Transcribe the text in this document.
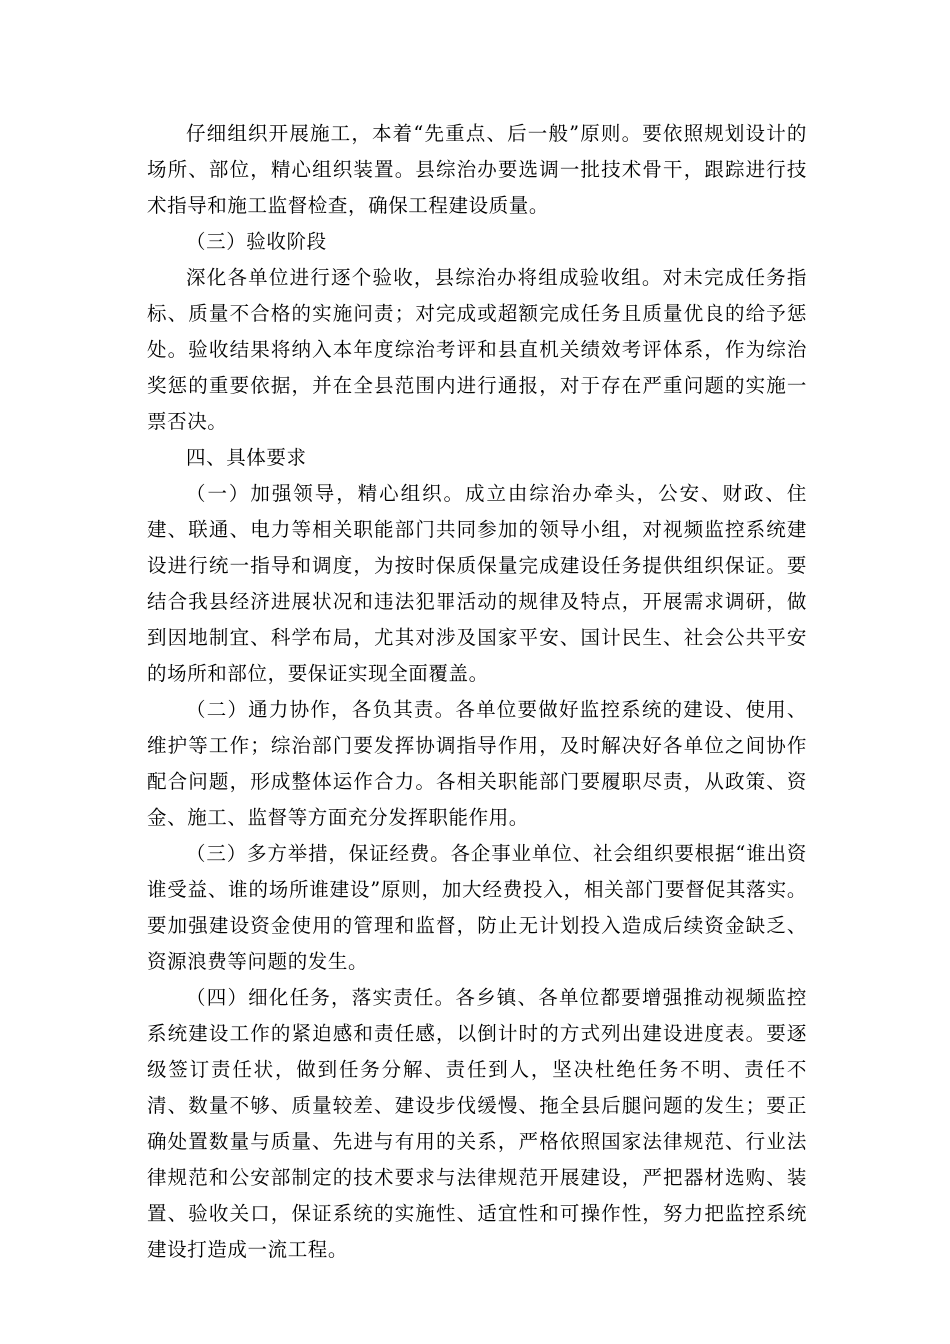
仔细组织开展施工，本着“先重点、后一般”原则。要依照规划设计的场所、部位，精心组织装置。县综治办要选调一批技术骨干，跟踪进行技术指导和施工监督检查，确保工程建设质量。

（三）验收阶段

深化各单位进行逐个验收，县综治办将组成验收组。对未完成任务指标、质量不合格的实施问责；对完成或超额完成任务且质量优良的给予惩处。验收结果将纳入本年度综治考评和县直机关绩效考评体系，作为综治奖惩的重要依据，并在全县范围内进行通报，对于存在严重问题的实施一票否决。

四、具体要求

（一）加强领导，精心组织。成立由综治办牵头，公安、财政、住建、联通、电力等相关职能部门共同参加的领导小组，对视频监控系统建设进行统一指导和调度，为按时保质保量完成建设任务提供组织保证。要结合我县经济进展状况和违法犯罪活动的规律及特点，开展需求调研，做到因地制宜、科学布局，尤其对涉及国家平安、国计民生、社会公共平安的场所和部位，要保证实现全面覆盖。

（二）通力协作，各负其责。各单位要做好监控系统的建设、使用、维护等工作；综治部门要发挥协调指导作用，及时解决好各单位之间协作配合问题，形成整体运作合力。各相关职能部门要履职尽责，从政策、资金、施工、监督等方面充分发挥职能作用。

（三）多方举措，保证经费。各企事业单位、社会组织要根据“谁出资谁受益、谁的场所谁建设”原则，加大经费投入，相关部门要督促其落实。要加强建设资金使用的管理和监督，防止无计划投入造成后续资金缺乏、资源浪费等问题的发生。

（四）细化任务，落实责任。各乡镇、各单位都要增强推动视频监控系统建设工作的紧迫感和责任感，以倒计时的方式列出建设进度表。要逐级签订责任状，做到任务分解、责任到人，坚决杜绝任务不明、责任不清、数量不够、质量较差、建设步伐缓慢、拖全县后腿问题的发生；要正确处置数量与质量、先进与有用的关系，严格依照国家法律规范、行业法律规范和公安部制定的技术要求与法律规范开展建设，严把器材选购、装置、验收关口，保证系统的实施性、适宜性和可操作性，努力把监控系统建设打造成一流工程。
